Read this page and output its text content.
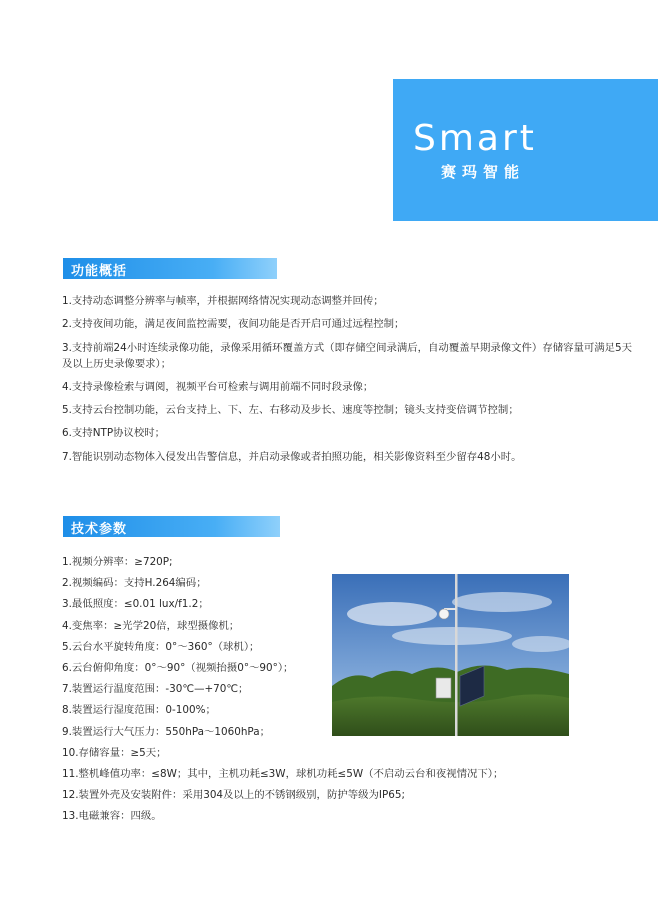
Smart
赛玛智能
功能概括
1.支持动态调整分辨率与帧率，并根据网络情况实现动态调整并回传；
2.支持夜间功能，满足夜间监控需要，夜间功能是否开启可通过远程控制；
3.支持前端24小时连续录像功能，录像采用循环覆盖方式（即存储空间录满后，自动覆盖早期录像文件）存储容量可满足5天及以上历史录像要求）；
4.支持录像检索与调阅，视频平台可检索与调用前端不同时段录像；
5.支持云台控制功能，云台支持上、下、左、右移动及步长、速度等控制；镜头支持变倍调节控制；
6.支持NTP协议校时；
7.智能识别动态物体入侵发出告警信息，并启动录像或者拍照功能，相关影像资料至少留存48小时。
技术参数
1.视频分辨率：≥720P;
2.视频编码：支持H.264编码；
3.最低照度：≤0.01 lux/f1.2；
4.变焦率：≥光学20倍，球型摄像机；
5.云台水平旋转角度：0°～360°（球机）；
6.云台俯仰角度：0°～90°（视频抬摄0°～90°）；
7.装置运行温度范围：-30℃—+70℃；
8.装置运行湿度范围：0-100%；
9.装置运行大气压力：550hPa～1060hPa；
10.存储容量：≥5天；
11.整机峰值功率：≤8W；其中，主机功耗≤3W，球机功耗≤5W（不启动云台和夜视情况下）；
12.装置外壳及安装附件：采用304及以上的不锈钢级别，防护等级为IP65;
13.电磁兼容：四级。
